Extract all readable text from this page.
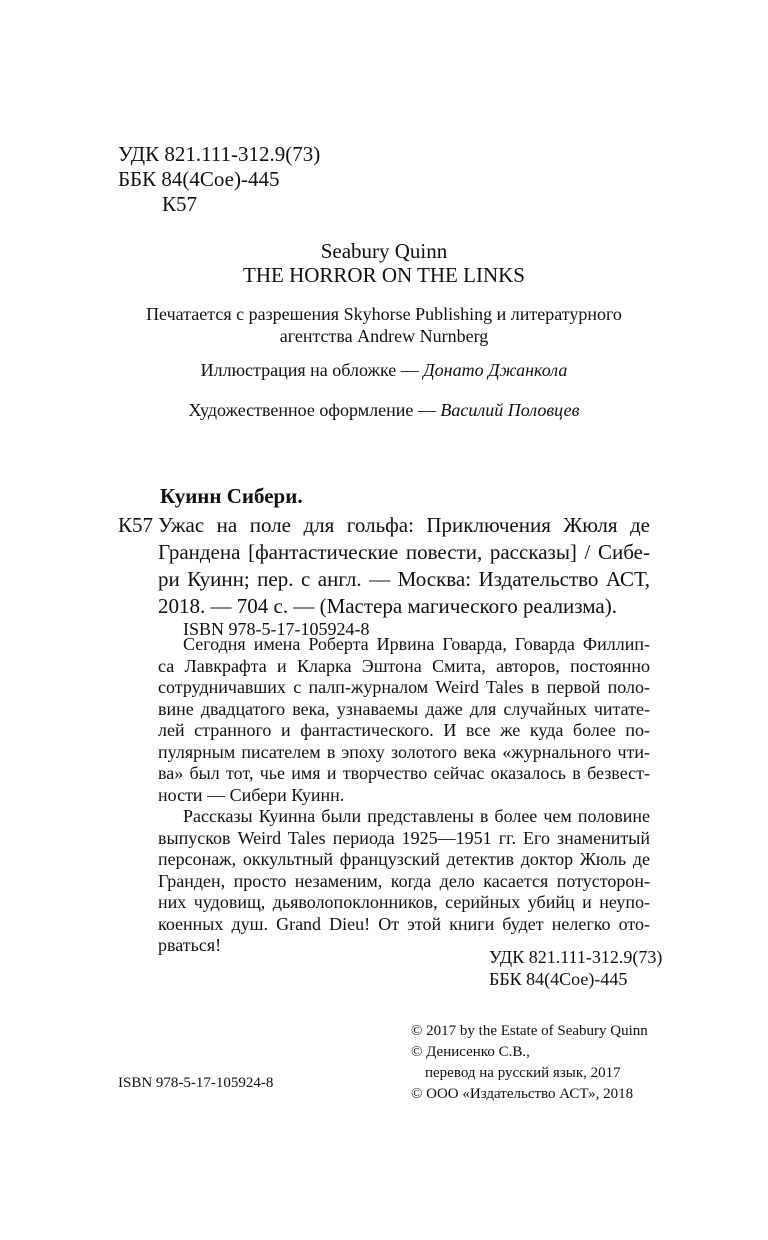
УДК 821.111-312.9(73)
ББК 84(4Сое)-445
К57
Seabury Quinn
THE HORROR ON THE LINKS
Печатается с разрешения Skyhorse Publishing и литературного
агентства Andrew Nurnberg
Иллюстрация на обложке — Донато Джанкола
Художественное оформление — Василий Половцев
Куинн Сибери.
К57 Ужас на поле для гольфа: Приключения Жюля де
Грандена [фантастические повести, рассказы] / Сибе-
ри Куинн; пер. с англ. — Москва: Издательство АСТ,
2018. — 704 с. — (Мастера магического реализма).
ISBN 978-5-17-105924-8
Сегодня имена Роберта Ирвина Говарда, Говарда Филлип-
са Лавкрафта и Кларка Эштона Смита, авторов, постоянно
сотрудничавших с палп-журналом Weird Tales в первой поло-
вине двадцатого века, узнаваемы даже для случайных читате-
лей странного и фантастического. И все же куда более по-
пулярным писателем в эпоху золотого века «журнального чти-
ва» был тот, чье имя и творчество сейчас оказалось в безвест-
ности — Сибери Куинн.
Рассказы Куинна были представлены в более чем половине
выпусков Weird Tales периода 1925—1951 гг. Его знаменитый
персонаж, оккультный французский детектив доктор Жюль де
Гранден, просто незаменим, когда дело касается потусторон-
них чудовищ, дьяволопоклонников, серийных убийц и неупо-
коенных душ. Grand Dieu! От этой книги будет нелегко ото-
рваться!
УДК 821.111-312.9(73)
ББК 84(4Сое)-445
© 2017 by the Estate of Seabury Quinn
© Денисенко С.В.,
перевод на русский язык, 2017
© ООО «Издательство АСТ», 2018
ISBN 978-5-17-105924-8
